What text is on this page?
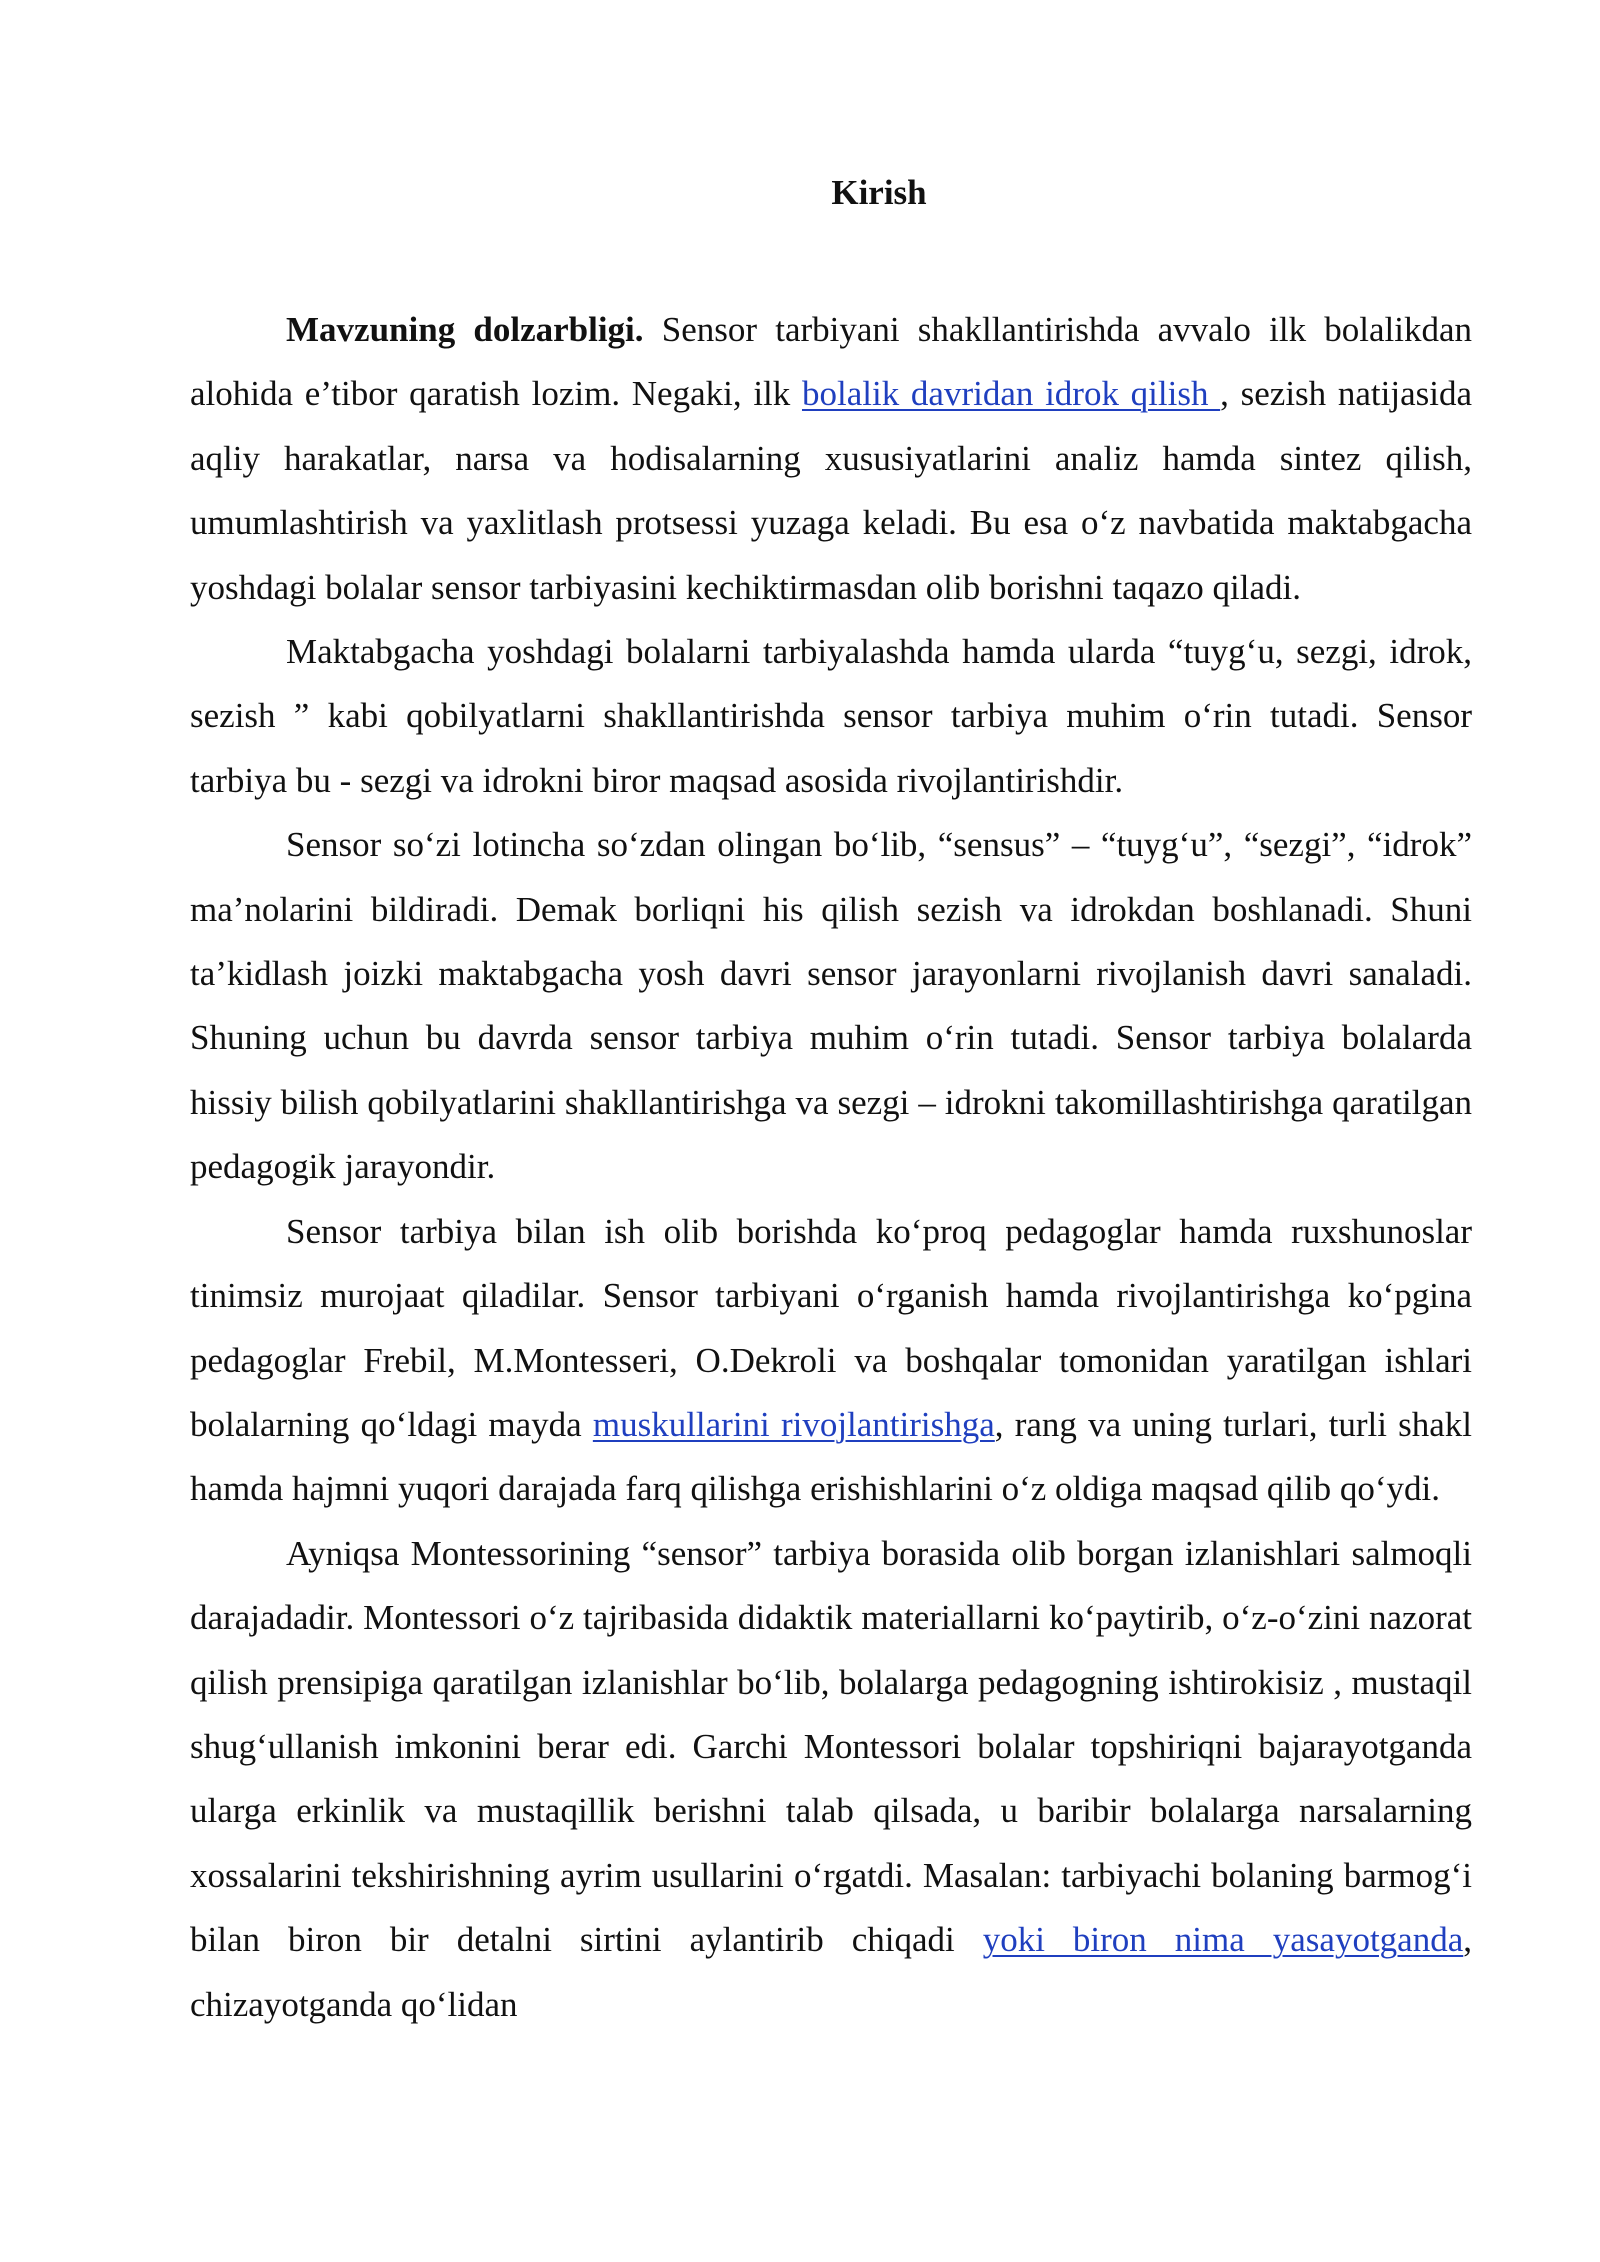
Kirish

Mavzuning dolzarbligi. Sensor tarbiyani shakllantirishda avvalo ilk bolalikdan alohida e’tibor qaratish lozim. Negaki, ilk bolalik davridan idrok qilish , sezish natijasida aqliy harakatlar, narsa va hodisalarning xususiyatlarini analiz hamda sintez qilish, umumlashtirish va yaxlitlash protsessi yuzaga keladi. Bu esa o‘z navbatida maktabgacha yoshdagi bolalar sensor tarbiyasini kechiktirmasdan olib borishni taqazo qiladi.

Maktabgacha yoshdagi bolalarni tarbiyalashda hamda ularda “tuyg‘u, sezgi, idrok, sezish ” kabi qobilyatlarni shakllantirishda sensor tarbiya muhim o‘rin tutadi. Sensor tarbiya bu - sezgi va idrokni biror maqsad asosida rivojlantirishdir.

Sensor so‘zi lotincha so‘zdan olingan bo‘lib, “sensus” – “tuyg‘u”, “sezgi”, “idrok” ma’nolarini bildiradi. Demak borliqni his qilish sezish va idrokdan boshlanadi. Shuni ta’kidlash joizki maktabgacha yosh davri sensor jarayonlarni rivojlanish davri sanaladi. Shuning uchun bu davrda sensor tarbiya muhim o‘rin tutadi. Sensor tarbiya bolalarda hissiy bilish qobilyatlarini shakllantirishga va sezgi – idrokni takomillashtirishga qaratilgan pedagogik jarayondir.

Sensor tarbiya bilan ish olib borishda ko‘proq pedagoglar hamda ruxshunoslar tinimsiz murojaat qiladilar. Sensor tarbiyani o‘rganish hamda rivojlantirishga ko‘pgina pedagoglar Frebil, M.Montesseri, O.Dekroli va boshqalar tomonidan yaratilgan ishlari bolalarning qo‘ldagi mayda muskullarini rivojlantirishga, rang va uning turlari, turli shakl hamda hajmni yuqori darajada farq qilishga erishishlarini o‘z oldiga maqsad qilib qo‘ydi.

Ayniqsa Montessorining “sensor” tarbiya borasida olib borgan izlanishlari salmoqli darajadadir. Montessori o‘z tajribasida didaktik materiallarni ko‘paytirib, o‘z-o‘zini nazorat qilish prensipiga qaratilgan izlanishlar bo‘lib, bolalarga pedagogning ishtirokisiz , mustaqil shug‘ullanish imkonini berar edi. Garchi Montessori bolalar topshiriqni bajarayotganda ularga erkinlik va mustaqillik berishni talab qilsada, u baribir bolalarga narsalarning xossalarini tekshirishning ayrim usullarini o‘rgatdi. Masalan: tarbiyachi bolaning barmog‘i bilan biron bir detalni sirtini aylantirib chiqadi yoki biron nima yasayotganda, chizayotganda qo‘lidan
